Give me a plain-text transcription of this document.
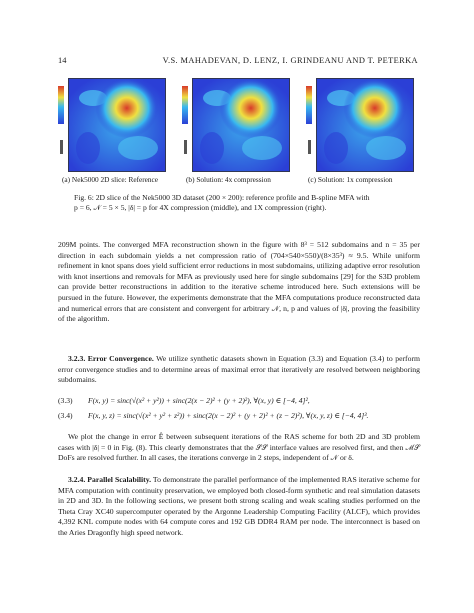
14	V.S. MAHADEVAN, D. LENZ, I. GRINDEANU AND T. PETERKA
(a) Nek5000 2D slice: Reference	(b) Solution: 4x compression	(c) Solution: 1x compression
Fig. 6: 2D slice of the Nek5000 3D dataset (200 × 200): reference profile and B-spline MFA with
p = 6, 𝒩 = 5 × 5, |δ| = p for 4X compression (middle), and 1X compression (right).
209M points. The converged MFA reconstruction shown in the figure with 8³ = 512 subdomains and n = 35 per direction in each subdomain yields a net compression ratio of (704×540×550)/(8×35³) ≈ 9.5. While uniform refinement in knot spans does yield sufficient error reductions in most subdomains, utilizing adaptive error resolution with knot insertions and removals for MFA as previously used here for single subdomains [29] for the S3D problem can provide better reconstructions in addition to the iterative scheme introduced here. Such extensions will be pursued in the future. However, the experiments demonstrate that the MFA computations produce reconstructed data and numerical errors that are consistent and convergent for arbitrary 𝒩, n, p and values of |δ|, proving the feasibility of the algorithm.
3.2.3. Error Convergence. We utilize synthetic datasets shown in Equation (3.3) and Equation (3.4) to perform error convergence studies and to determine areas of maximal error that iteratively are resolved between neighboring subdomains.
(3.3) F(x, y) = sinc(√(x² + y²)) + sinc(2(x − 2)² + (y + 2)²), ∀(x, y) ∈ [−4, 4]²,
(3.4) F(x, y, z) = sinc(√(x² + y² + z²)) + sinc(2(x − 2)² + (y + 2)² + (z − 2)²), ∀(x, y, z) ∈ [−4, 4]³.
We plot the change in error Ê between subsequent iterations of the RAS scheme for both 2D and 3D problem cases with |δ| = 0 in Fig. (8). This clearly demonstrates that the 𝒮𝒮 interface values are resolved first, and then ℳ𝒮 DoFs are resolved further. In all cases, the iterations converge in 2 steps, independent of 𝒩 or δ.
3.2.4. Parallel Scalability. To demonstrate the parallel performance of the implemented RAS iterative scheme for MFA computation with continuity preservation, we employed both closed-form synthetic and real simulation datasets in 2D and 3D. In the following sections, we present both strong scaling and weak scaling studies performed on the Theta Cray XC40 supercomputer operated by the Argonne Leadership Computing Facility (ALCF), which provides 4,392 KNL compute nodes with 64 compute cores and 192 GB DDR4 RAM per node. The interconnect is based on the Aries Dragonfly high speed network.
